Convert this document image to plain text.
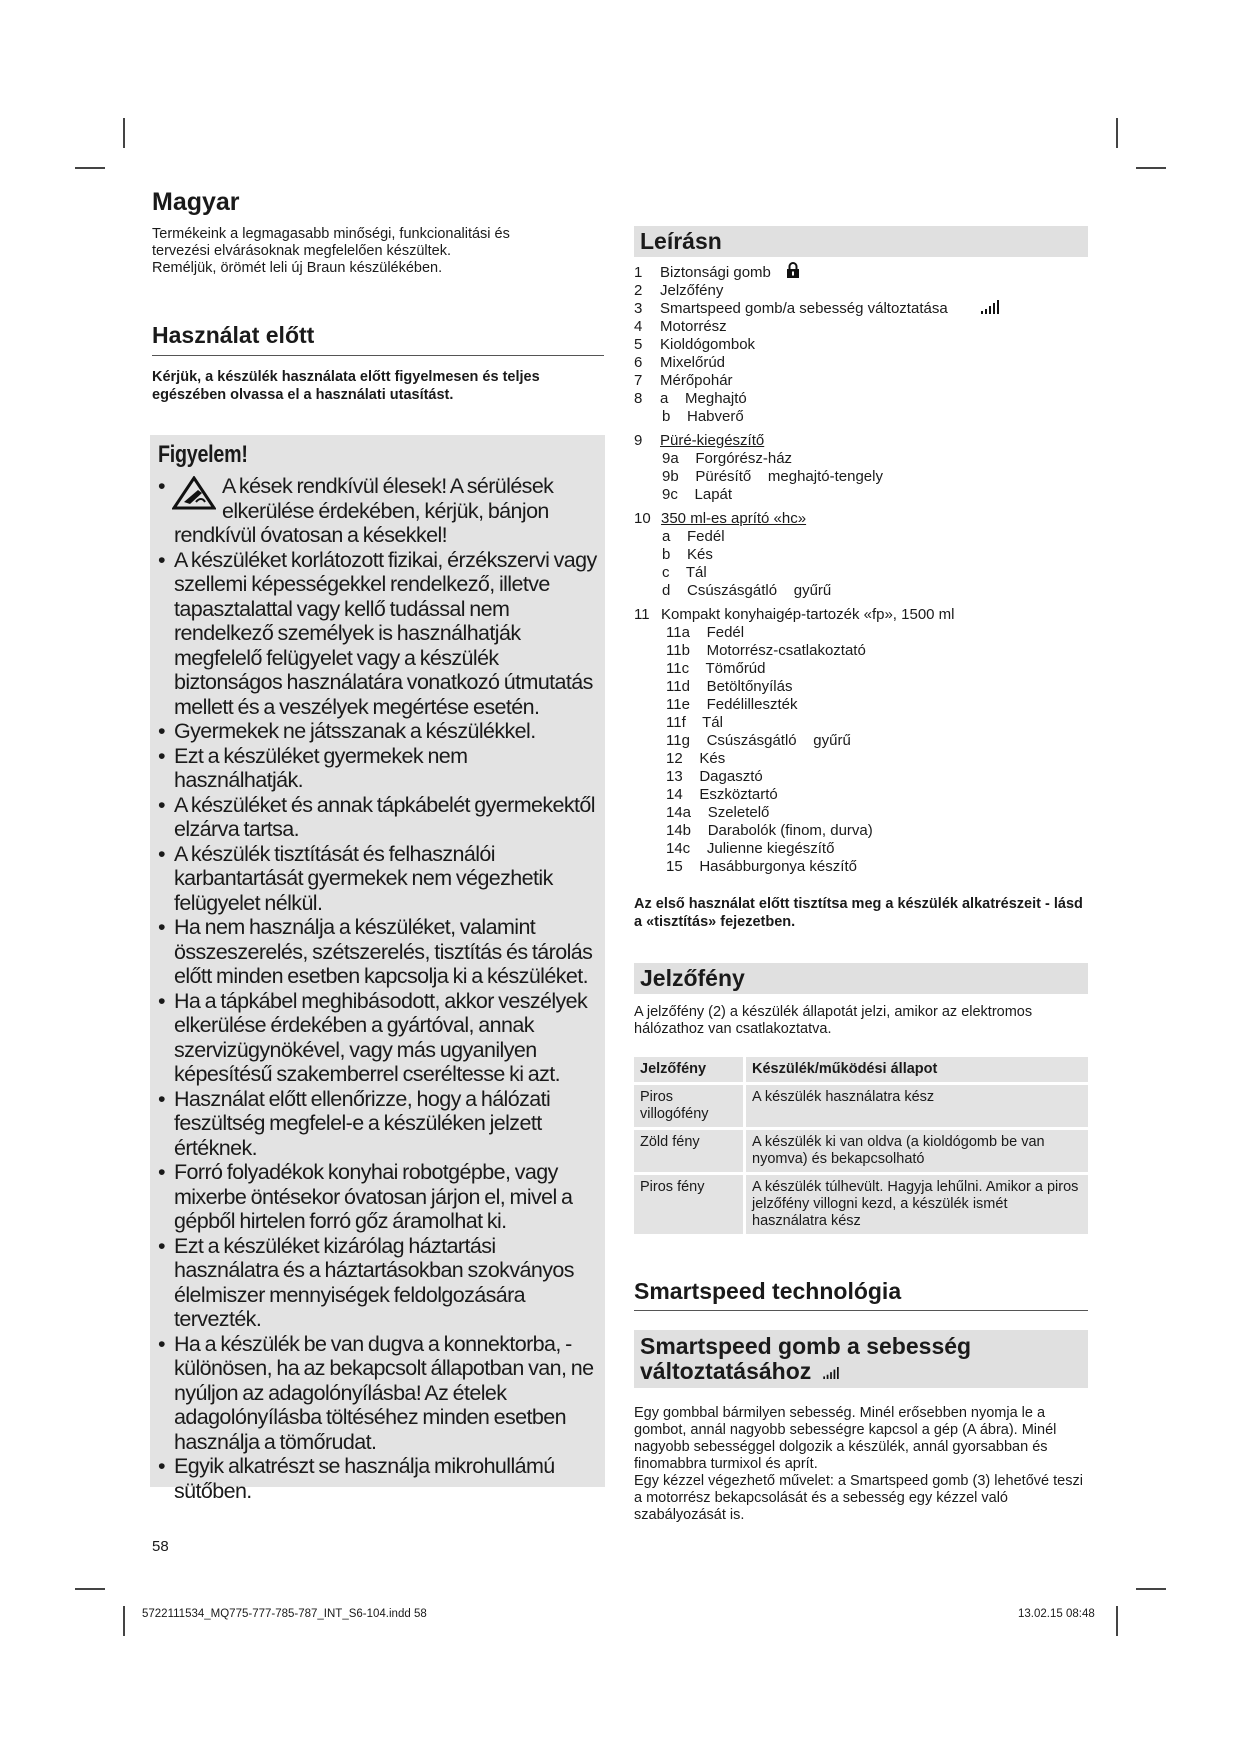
Magyar

Termékeink a legmagasabb minőségi, funkcionalitási és

tervezési elvárásoknak megfelelően készültek.

Reméljük, örömét leli új Braun készülékében.

Használat előtt
Kérjük, a készülék használata előtt figyelmesen és teljes egészében olvassa el a használati utasítást.
Figyelem!
• A kések rendkívül élesek! A sérülések elkerülése érdekében, kérjük, bánjon rendkívül óvatosan a késekkel!
• A készüléket korlátozott fizikai, érzékszervi vagy szellemi képességekkel rendelkező, illetve tapasztalattal vagy kellő tudással nem rendelkező személyek is használhatják megfelelő felügyelet vagy a készülék biztonságos használatára vonatkozó útmutatás mellett és a veszélyek megértése esetén.
• Gyermekek ne játsszanak a készülékkel.
• Ezt a készüléket gyermekek nem használhatják.
• A készüléket és annak tápkábelét gyermekektől elzárva tartsa.
• A készülék tisztítását és felhasználói karbantartását gyermekek nem végezhetik felügyelet nélkül.
• Ha nem használja a készüléket, valamint összeszerelés, szétszerelés, tisztítás és tárolás előtt minden esetben kapcsolja ki a készüléket.
• Ha a tápkábel meghibásodott, akkor veszélyek elkerülése érdekében a gyártóval, annak szervizügynökével, vagy más ugyanilyen képesítésű szakemberrel cseréltesse ki azt.
• Használat előtt ellenőrizze, hogy a hálózati feszültség megfelel-e a készüléken jelzett értéknek.
• Forró folyadékok konyhai robotgépbe, vagy mixerbe öntésekor óvatosan járjon el, mivel a gépből hirtelen forró gőz áramolhat ki.
• Ezt a készüléket kizárólag háztartási használatra és a háztartásokban szokványos élelmiszer mennyiségek feldolgozására tervezték.
• Ha a készülék be van dugva a konnektorba, - különösen, ha az bekapcsolt állapotban van, ne nyúljon az adagolónyílásba! Az ételek adagolónyílásba töltéséhez minden esetben használja a tömőrudat.
• Egyik alkatrészt se használja mikrohullámú sütőben.
58
Leírásn
1 Biztonsági gomb
2 Jelzőfény
3 Smartspeed gomb/a sebesség változtatása
4 Motorrész
5 Kioldógombok
6 Mixelőrúd
7 Mérőpohár
8 a    Meghajtó
b    Habverő
9 Püré-kiegészítő
9a    Forgórész-ház
9b    Pürésítő    meghajtó-tengely
9c    Lapát
10 350 ml-es aprító «hc»
a    Fedél
b    Kés
c    Tál
d    Csúszásgátló    gyűrű
11 Kompakt konyhaigép-tartozék «fp», 1500 ml
11a    Fedél
11b    Motorrész-csatlakoztató
11c    Tömőrúd
11d    Betöltőnyílás
11e    Fedélilleszték
11f    Tál
11g    Csúszásgátló    gyűrű
12    Kés
13    Dagasztó
14    Eszköztartó
14a    Szeletelő
14b    Darabolók (finom, durva)
14c    Julienne kiegészítő
15    Hasábburgonya készítő
Az első használat előtt tisztítsa meg a készülék alkatrészeit - lásd a «tisztítás» fejezetben.
Jelzőfény
A jelzőfény (2) a készülék állapotát jelzi, amikor az elektromos hálózathoz van csatlakoztatva.
Jelzőfény	Készülék/működési állapot
Piros villogófény	A készülék használatra kész
Zöld fény	A készülék ki van oldva (a kioldógomb be van nyomva) és bekapcsolható
Piros fény	A készülék túlhevült. Hagyja lehűlni. Amikor a piros jelzőfény villogni kezd, a készülék ismét használatra kész
Smartspeed technológia
Smartspeed gomb a sebesség változtatásához
Egy gombbal bármilyen sebesség. Minél erősebben nyomja le a gombot, annál nagyobb sebességre kapcsol a gép (A ábra). Minél nagyobb sebességgel dolgozik a készülék, annál gyorsabban és finomabbra turmixol és aprít.
Egy kézzel végezhető művelet: a Smartspeed gomb (3) lehetővé teszi a motorrész bekapcsolását és a sebesség egy kézzel való szabályozását is.
5722111534_MQ775-777-785-787_INT_S6-104.indd 58	13.02.15 08:48
